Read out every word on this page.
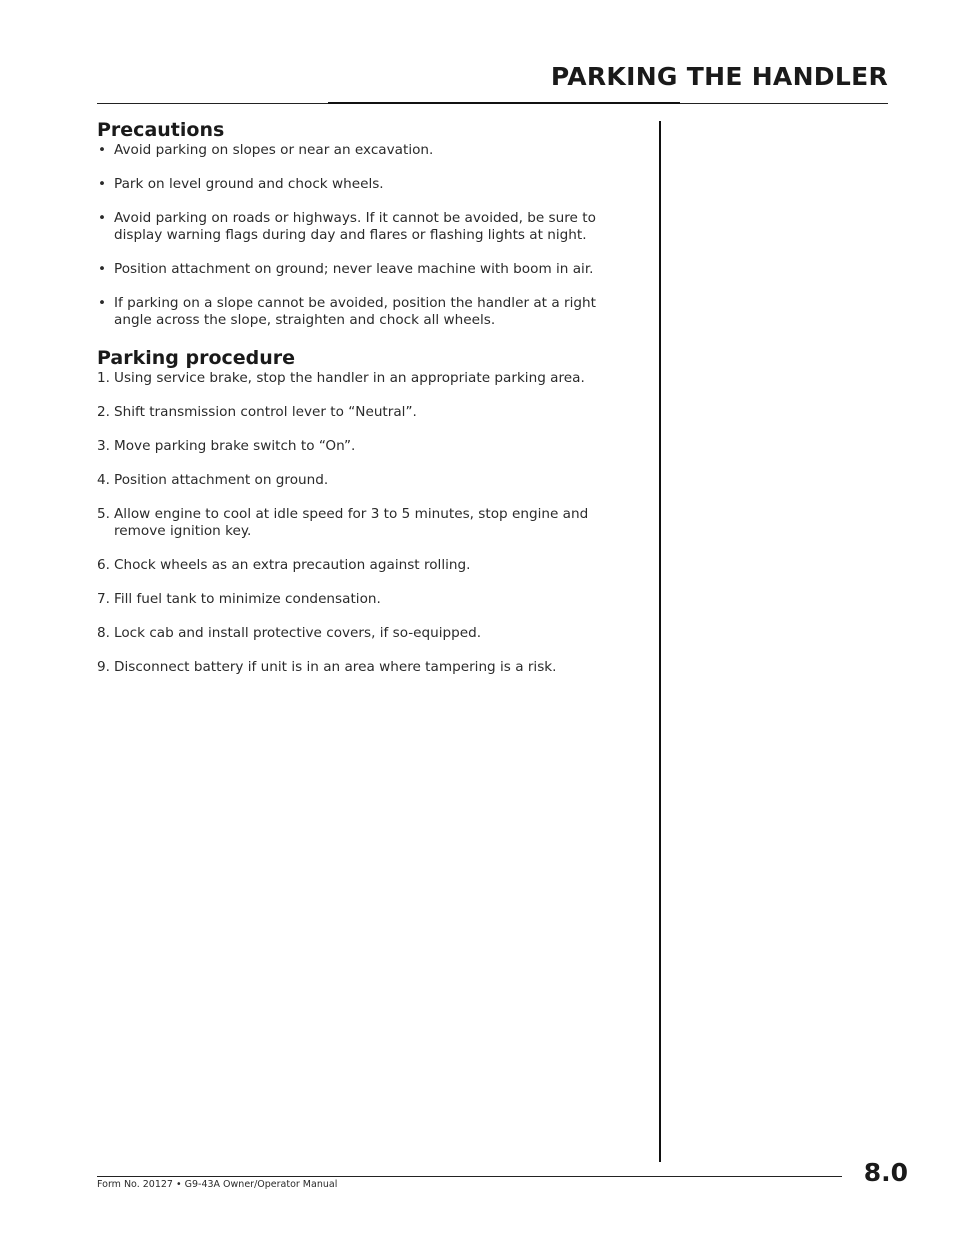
PARKING THE HANDLER
Precautions
• Avoid parking on slopes or near an excavation.
• Park on level ground and chock wheels.
• Avoid parking on roads or highways. If it cannot be avoided, be sure to display warning flags during day and flares or flashing lights at night.
• Position attachment on ground; never leave machine with boom in air.
• If parking on a slope cannot be avoided, position the handler at a right angle across the slope, straighten and chock all wheels.
Parking procedure
1. Using service brake, stop the handler in an appropriate parking area.
2. Shift transmission control lever to “Neutral”.
3. Move parking brake switch to “On”.
4. Position attachment on ground.
5. Allow engine to cool at idle speed for 3 to 5 minutes, stop engine and remove ignition key.
6. Chock wheels as an extra precaution against rolling.
7. Fill fuel tank to minimize condensation.
8. Lock cab and install protective covers, if so-equipped.
9. Disconnect battery if unit is in an area where tampering is a risk.
Form No. 20127 • G9-43A Owner/Operator Manual	8.0
